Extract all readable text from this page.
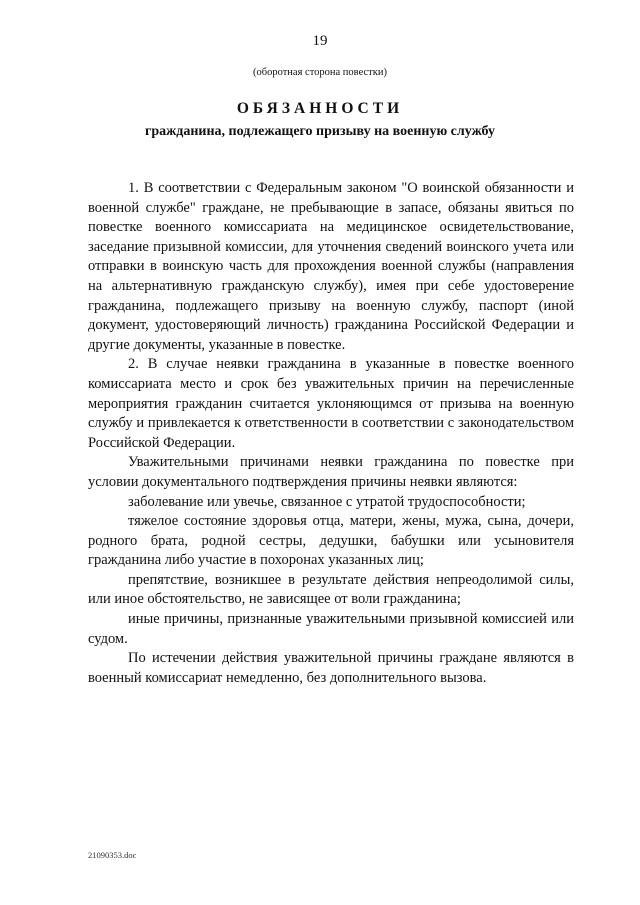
19
(оборотная сторона повестки)
ОБЯЗАННОСТИ
гражданина, подлежащего призыву на военную службу

1. В соответствии с Федеральным законом "О воинской обязанности и военной службе" граждане, не пребывающие в запасе, обязаны явиться по повестке военного комиссариата на медицинское освидетельствование, заседание призывной комиссии, для уточнения сведений воинского учета или отправки в воинскую часть для прохождения военной службы (направления на альтернативную гражданскую службу), имея при себе удостоверение гражданина, подлежащего призыву на военную службу, паспорт (иной документ, удостоверяющий личность) гражданина Российской Федерации и другие документы, указанные в повестке.

2. В случае неявки гражданина в указанные в повестке военного комиссариата место и срок без уважительных причин на перечисленные мероприятия гражданин считается уклоняющимся от призыва на военную службу и привлекается к ответственности в соответствии с законодательством Российской Федерации.

Уважительными причинами неявки гражданина по повестке при условии документального подтверждения причины неявки являются:

заболевание или увечье, связанное с утратой трудоспособности;

тяжелое состояние здоровья отца, матери, жены, мужа, сына, дочери, родного брата, родной сестры, дедушки, бабушки или усыновителя гражданина либо участие в похоронах указанных лиц;

препятствие, возникшее в результате действия непреодолимой силы, или иное обстоятельство, не зависящее от воли гражданина;

иные причины, признанные уважительными призывной комиссией или судом.

По истечении действия уважительной причины граждане являются в военный комиссариат немедленно, без дополнительного вызова.

21090353.doc
